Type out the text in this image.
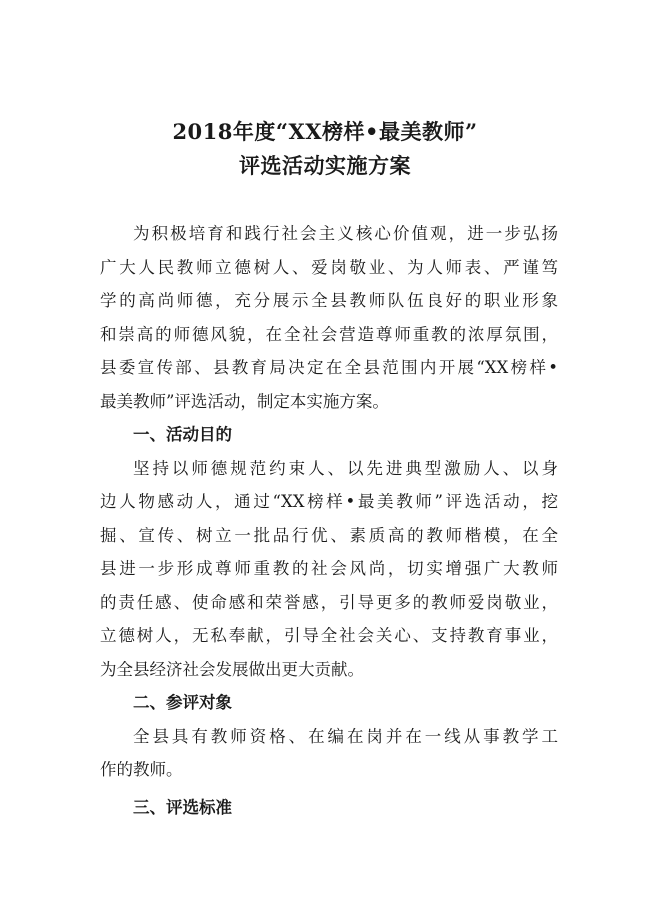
2018年度“XX榜样•最美教师”
评选活动实施方案
为积极培育和践行社会主义核心价值观，进一步弘扬
广大人民教师立德树人、爱岗敬业、为人师表、严谨笃
学的高尚师德，充分展示全县教师队伍良好的职业形象
和崇高的师德风貌，在全社会营造尊师重教的浓厚氛围，
县委宣传部、县教育局决定在全县范围内开展“XX榜样•
最美教师”评选活动，制定本实施方案。
一、活动目的
坚持以师德规范约束人、以先进典型激励人、以身
边人物感动人，通过“XX榜样•最美教师”评选活动，挖
掘、宣传、树立一批品行优、素质高的教师楷模，在全
县进一步形成尊师重教的社会风尚，切实增强广大教师
的责任感、使命感和荣誉感，引导更多的教师爱岗敬业，
立德树人，无私奉献，引导全社会关心、支持教育事业，
为全县经济社会发展做出更大贡献。
二、参评对象
全县具有教师资格、在编在岗并在一线从事教学工
作的教师。
三、评选标准
